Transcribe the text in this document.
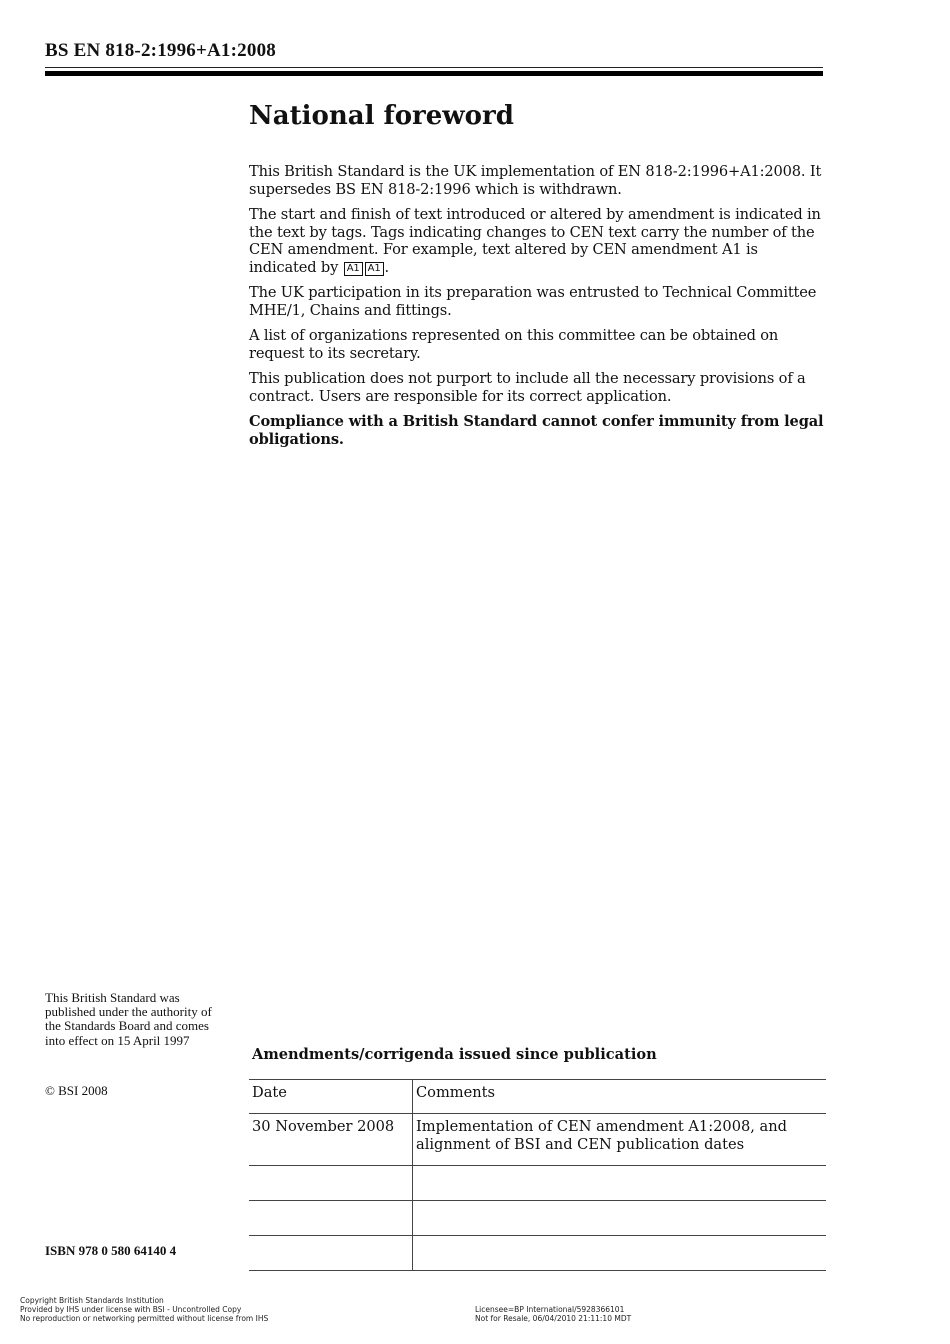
BS EN 818-2:1996+A1:2008
National foreword

This British Standard is the UK implementation of EN 818-2:1996+A1:2008. It supersedes BS EN 818-2:1996 which is withdrawn.

The start and finish of text introduced or altered by amendment is indicated in the text by tags. Tags indicating changes to CEN text carry the number of the CEN amendment. For example, text altered by CEN amendment A1 is indicated by A1 A1 .

The UK participation in its preparation was entrusted to Technical Committee MHE/1, Chains and fittings.

A list of organizations represented on this committee can be obtained on request to its secretary.

This publication does not purport to include all the necessary provisions of a contract. Users are responsible for its correct application.

Compliance with a British Standard cannot confer immunity from legal obligations.

This British Standard was published under the authority of the Standards Board and comes into effect on 15 April 1997
© BSI 2008
ISBN 978 0 580 64140 4
Amendments/corrigenda issued since publication
Date	Comments
30 November 2008	Implementation of CEN amendment A1:2008, and alignment of BSI and CEN publication dates

Copyright British Standards Institution
Provided by IHS under license with BSI - Uncontrolled Copy
No reproduction or networking permitted without license from IHS
Licensee=BP International/5928366101
Not for Resale, 06/04/2010 21:11:10 MDT
